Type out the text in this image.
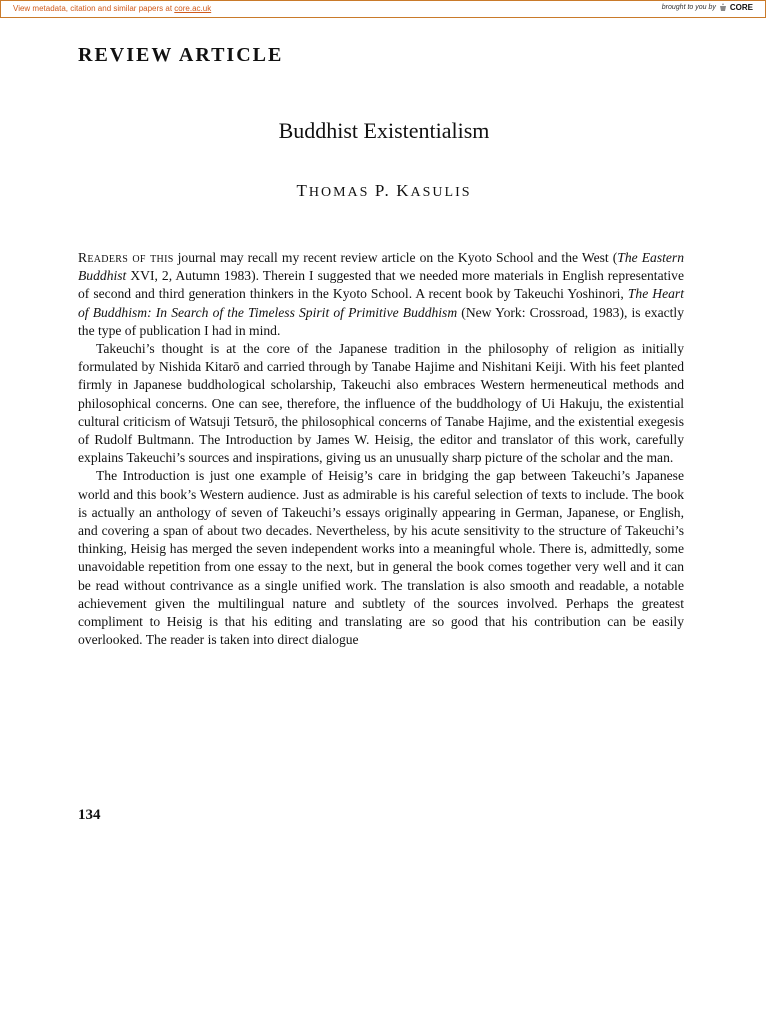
View metadata, citation and similar papers at core.ac.uk	brought to you by CORE
REVIEW ARTICLE
Buddhist Existentialism
THOMAS P. KASULIS

Readers of this journal may recall my recent review article on the Kyoto School and the West (The Eastern Buddhist XVI, 2, Autumn 1983). Therein I suggested that we needed more materials in English representative of second and third generation thinkers in the Kyoto School. A recent book by Takeuchi Yoshinori, The Heart of Buddhism: In Search of the Timeless Spirit of Primitive Buddhism (New York: Crossroad, 1983), is exactly the type of publication I had in mind.

Takeuchi’s thought is at the core of the Japanese tradition in the philosophy of religion as initially formulated by Nishida Kitarō and carried through by Tanabe Hajime and Nishitani Keiji. With his feet planted firmly in Japanese buddhological scholarship, Takeuchi also embraces Western hermeneutical methods and philosophical concerns. One can see, therefore, the influence of the buddhology of Ui Hakuju, the existential cultural criticism of Watsuji Tetsurō, the philosophical concerns of Tanabe Hajime, and the existential exegesis of Rudolf Bultmann. The Introduction by James W. Heisig, the editor and translator of this work, carefully explains Takeuchi’s sources and inspirations, giving us an unusually sharp picture of the scholar and the man.

The Introduction is just one example of Heisig’s care in bridging the gap between Takeuchi’s Japanese world and this book’s Western audience. Just as admirable is his careful selection of texts to include. The book is actually an anthology of seven of Takeuchi’s essays originally appearing in German, Japanese, or English, and covering a span of about two decades. Nevertheless, by his acute sensitivity to the structure of Takeuchi’s thinking, Heisig has merged the seven independent works into a meaningful whole. There is, admittedly, some unavoidable repetition from one essay to the next, but in general the book comes together very well and it can be read without contrivance as a single unified work. The translation is also smooth and readable, a notable achievement given the multilingual nature and subtlety of the sources involved. Perhaps the greatest compliment to Heisig is that his editing and translating are so good that his contribution can be easily overlooked. The reader is taken into direct dialogue

134
